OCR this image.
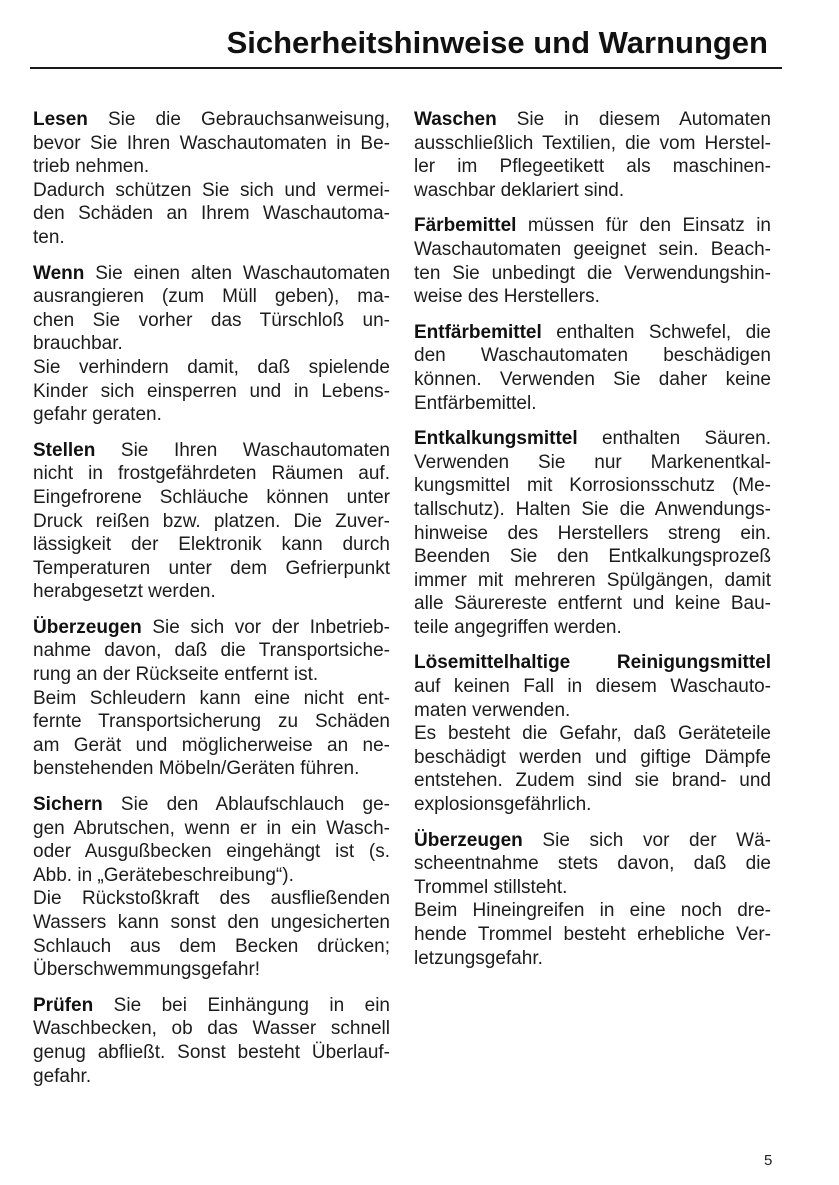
Sicherheitshinweise und Warnungen
Lesen Sie die Gebrauchsanweisung,
bevor Sie Ihren Waschautomaten in Be-
trieb nehmen.
Dadurch schützen Sie sich und vermei-
den Schäden an Ihrem Waschautoma-
ten.
Wenn Sie einen alten Waschautomaten
ausrangieren (zum Müll geben), ma-
chen Sie vorher das Türschloß un-
brauchbar.
Sie verhindern damit, daß spielende
Kinder sich einsperren und in Lebens-
gefahr geraten.
Stellen Sie Ihren Waschautomaten
nicht in frostgefährdeten Räumen auf.
Eingefrorene Schläuche können unter
Druck reißen bzw. platzen. Die Zuver-
lässigkeit der Elektronik kann durch
Temperaturen unter dem Gefrierpunkt
herabgesetzt werden.
Überzeugen Sie sich vor der Inbetrieb-
nahme davon, daß die Transportsiche-
rung an der Rückseite entfernt ist.
Beim Schleudern kann eine nicht ent-
fernte Transportsicherung zu Schäden
am Gerät und möglicherweise an ne-
benstehenden Möbeln/Geräten führen.
Sichern Sie den Ablaufschlauch ge-
gen Abrutschen, wenn er in ein Wasch-
oder Ausgußbecken eingehängt ist (s.
Abb. in „Gerätebeschreibung“).
Die Rückstoßkraft des ausfließenden
Wassers kann sonst den ungesicherten
Schlauch aus dem Becken drücken;
Überschwemmungsgefahr!
Prüfen Sie bei Einhängung in ein
Waschbecken, ob das Wasser schnell
genug abfließt. Sonst besteht Überlauf-
gefahr.
Waschen Sie in diesem Automaten
ausschließlich Textilien, die vom Herstel-
ler im Pflegeetikett als maschinen-
waschbar deklariert sind.
Färbemittel müssen für den Einsatz in
Waschautomaten geeignet sein. Beach-
ten Sie unbedingt die Verwendungshin-
weise des Herstellers.
Entfärbemittel enthalten Schwefel, die
den Waschautomaten beschädigen
können. Verwenden Sie daher keine
Entfärbemittel.
Entkalkungsmittel enthalten Säuren.
Verwenden Sie nur Markenentkal-
kungsmittel mit Korrosionsschutz (Me-
tallschutz). Halten Sie die Anwendungs-
hinweise des Herstellers streng ein.
Beenden Sie den Entkalkungsprozeß
immer mit mehreren Spülgängen, damit
alle Säurereste entfernt und keine Bau-
teile angegriffen werden.
Lösemittelhaltige Reinigungsmittel
auf keinen Fall in diesem Waschauto-
maten verwenden.
Es besteht die Gefahr, daß Geräteteile
beschädigt werden und giftige Dämpfe
entstehen. Zudem sind sie brand- und
explosionsgefährlich.
Überzeugen Sie sich vor der Wä-
scheentnahme stets davon, daß die
Trommel stillsteht.
Beim Hineingreifen in eine noch dre-
hende Trommel besteht erhebliche Ver-
letzungsgefahr.
5
